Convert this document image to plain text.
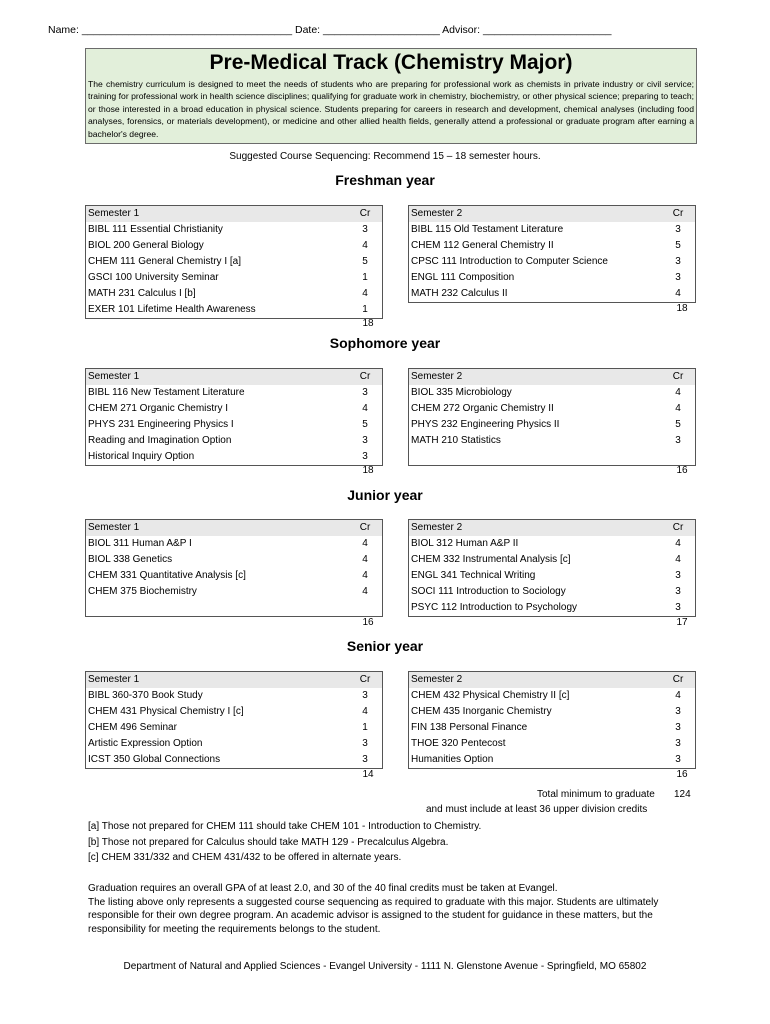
Name: ____________________________________ Date: ____________________ Advisor: ______________________
Pre-Medical Track (Chemistry Major)
The chemistry curriculum is designed to meet the needs of students who are preparing for professional work as chemists in private industry or civil service; training for professional work in health science disciplines; qualifying for graduate work in chemistry, biochemistry, or other physical science; preparing to teach; or those interested in a broad education in physical science. Students preparing for careers in research and development, chemical analyses (including food analyses, forensics, or materials development), or medicine and other allied health fields, generally attend a professional or graduate program after earning a bachelor's degree.
Suggested Course Sequencing: Recommend 15 – 18 semester hours.
Freshman year
Semester 1	Cr
BIBL 111 Essential Christianity	3
BIOL 200 General Biology	4
CHEM 111 General Chemistry I [a]	5
GSCI 100 University Seminar	1
MATH 231 Calculus I [b]	4
EXER 101 Lifetime Health Awareness	1
18
Semester 2	Cr
BIBL 115 Old Testament Literature	3
CHEM 112 General Chemistry II	5
CPSC 111 Introduction to Computer Science	3
ENGL 111 Composition	3
MATH 232 Calculus II	4
18
Sophomore year
Semester 1	Cr
BIBL 116 New Testament Literature	3
CHEM 271 Organic Chemistry I	4
PHYS 231 Engineering Physics I	5
Reading and Imagination Option	3
Historical Inquiry Option	3
18
Semester 2	Cr
BIOL 335 Microbiology	4
CHEM 272 Organic Chemistry II	4
PHYS 232 Engineering Physics II	5
MATH 210 Statistics	3

16
Junior year
Semester 1	Cr
BIOL 311 Human A&P I	4
BIOL 338 Genetics	4
CHEM 331 Quantitative Analysis [c]	4
CHEM 375 Biochemistry	4

16
Semester 2	Cr
BIOL 312 Human A&P II	4
CHEM 332 Instrumental Analysis [c]	4
ENGL 341 Technical Writing	3
SOCI 111 Introduction to Sociology	3
PSYC 112 Introduction to Psychology	3
17
Senior year
Semester 1	Cr
BIBL 360-370 Book Study	3
CHEM 431 Physical Chemistry I [c]	4
CHEM 496 Seminar	1
Artistic Expression Option	3
ICST 350 Global Connections	3
14
Semester 2	Cr
CHEM 432 Physical Chemistry II [c]	4
CHEM 435 Inorganic Chemistry	3
FIN 138 Personal Finance	3
THOE 320 Pentecost	3
Humanities Option	3
16
Total minimum to graduate 124
and must include at least 36 upper division credits
[a] Those not prepared for CHEM 111 should take CHEM 101 - Introduction to Chemistry.
[b] Those not prepared for Calculus should take MATH 129 - Precalculus Algebra.
[c] CHEM 331/332 and CHEM 431/432 to be offered in alternate years.
Graduation requires an overall GPA of at least 2.0, and 30 of the 40 final credits must be taken at Evangel.
The listing above only represents a suggested course sequencing as required to graduate with this major. Students are ultimately responsible for their own degree program. An academic advisor is assigned to the student for guidance in these matters, but the responsibility for meeting the requirements belongs to the student.
Department of Natural and Applied Sciences - Evangel University - 1111 N. Glenstone Avenue - Springfield, MO 65802
